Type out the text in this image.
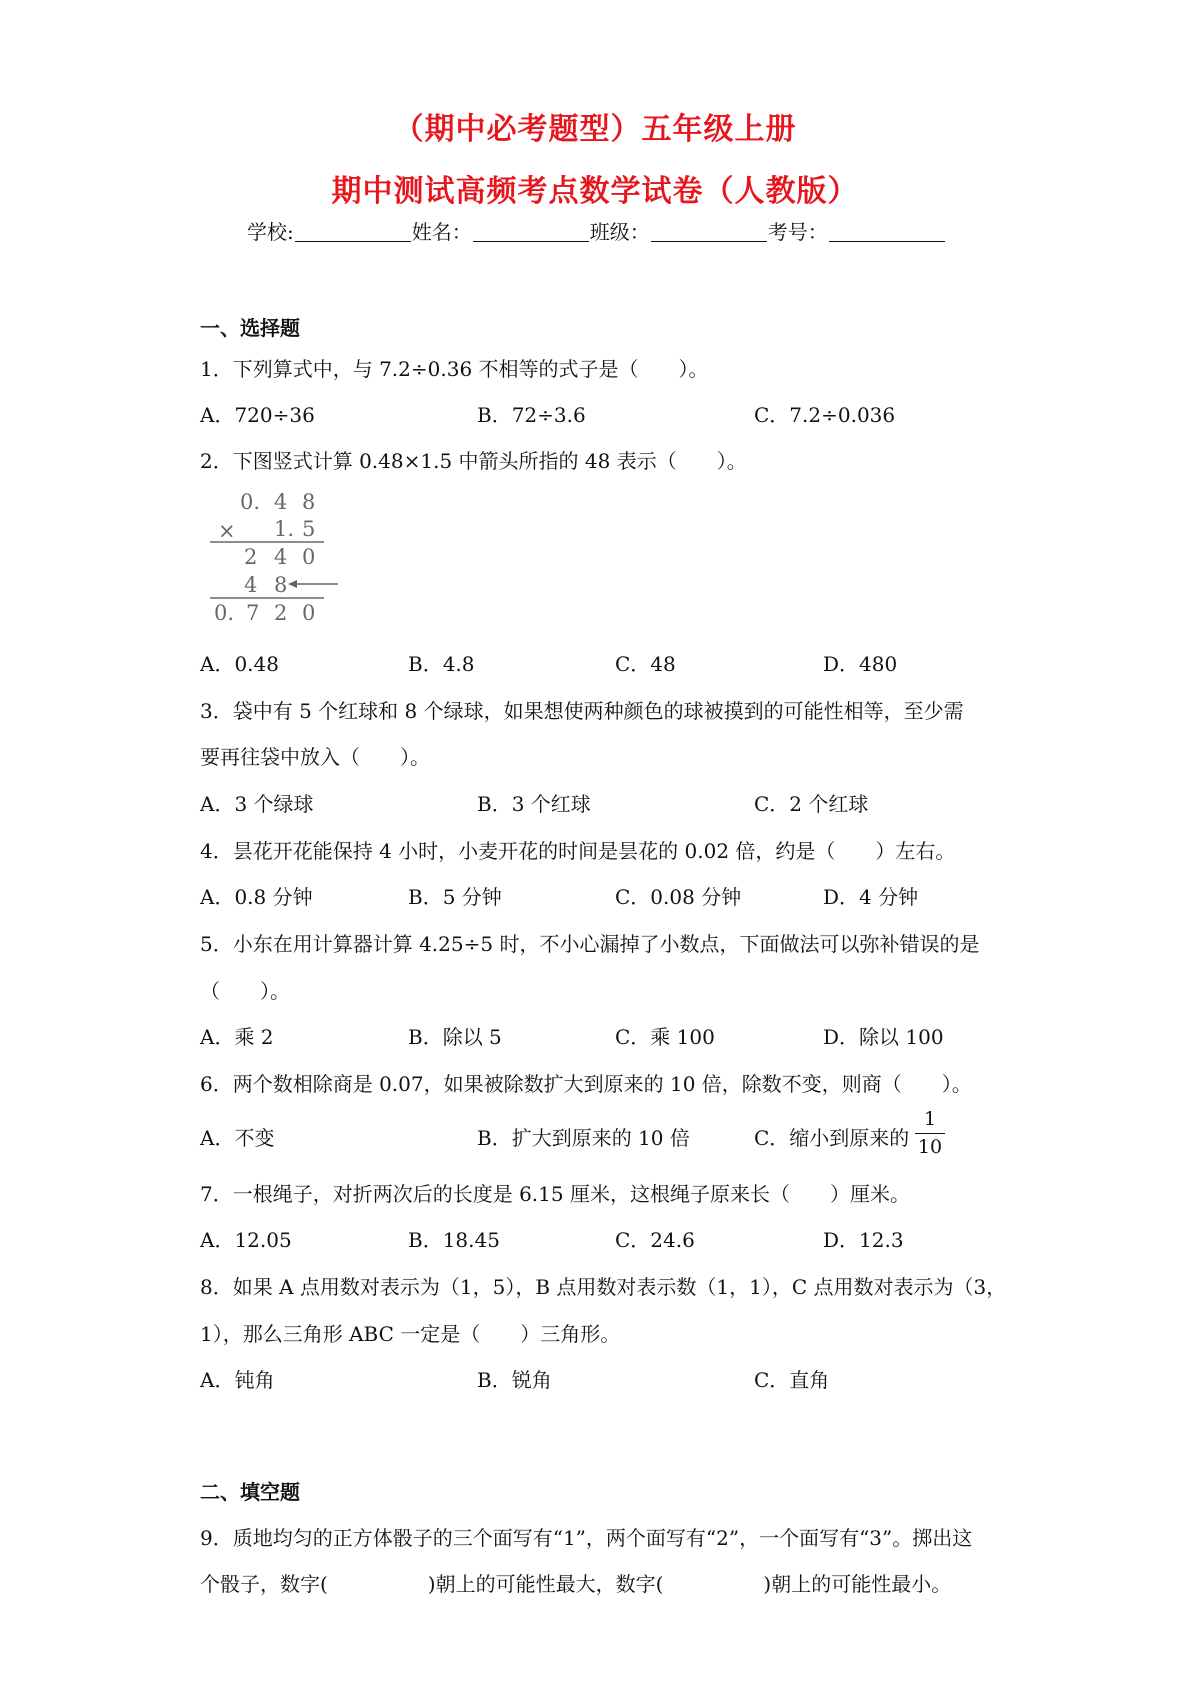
（期中必考题型）五年级上册
期中测试高频考点数学试卷（人教版）
学校:	姓名：	班级：	考号：
一、选择题
1．下列算式中，与 7.2÷0.36 不相等的式子是（　　）。
A．720÷36	B．72÷3.6	C．7.2÷0.036
2．下图竖式计算 0.48×1.5 中箭头所指的 48 表示（　　）。
0. 4 8
× 1. 5
2 4 0
4 8
0. 7 2 0
A．0.48	B．4.8	C．48	D．480
3．袋中有 5 个红球和 8 个绿球，如果想使两种颜色的球被摸到的可能性相等，至少需
要再往袋中放入（　　）。
A．3 个绿球	B．3 个红球	C．2 个红球
4．昙花开花能保持 4 小时，小麦开花的时间是昙花的 0.02 倍，约是（　　）左右。
A．0.8 分钟	B．5 分钟	C．0.08 分钟	D．4 分钟
5．小东在用计算器计算 4.25÷5 时，不小心漏掉了小数点，下面做法可以弥补错误的是
（　　）。
A．乘 2	B．除以 5	C．乘 100	D．除以 100
6．两个数相除商是 0.07，如果被除数扩大到原来的 10 倍，除数不变，则商（　　）。
A．不变	B．扩大到原来的 10 倍	C．缩小到原来的
1
10
7．一根绳子，对折两次后的长度是 6.15 厘米，这根绳子原来长（　　）厘米。
A．12.05	B．18.45	C．24.6	D．12.3
8．如果 A 点用数对表示为（1，5），B 点用数对表示数（1，1），C 点用数对表示为（3，
1），那么三角形 ABC 一定是（　　）三角形。
A．钝角	B．锐角	C．直角
二、填空题
9．质地均匀的正方体骰子的三个面写有“1”，两个面写有“2”，一个面写有“3”。掷出这
个骰子，数字(　　　　　)朝上的可能性最大，数字(　　　　　)朝上的可能性最小。
